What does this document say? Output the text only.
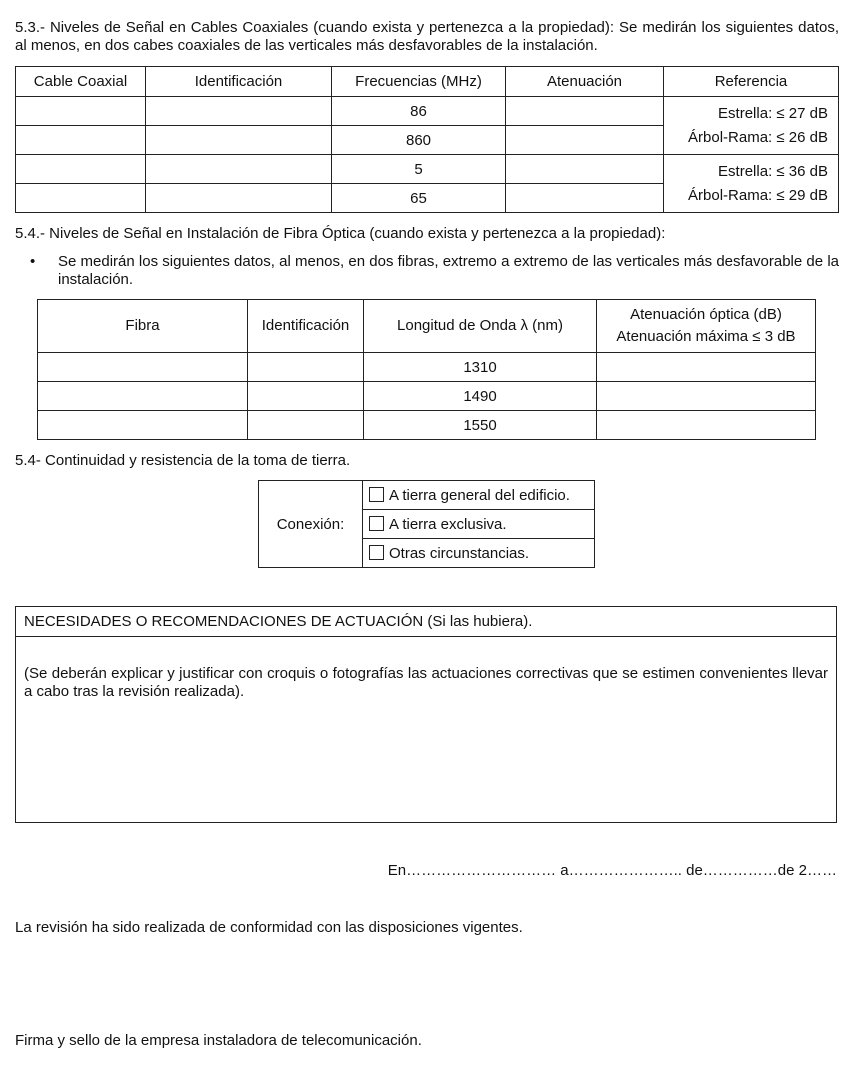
5.3.- Niveles de Señal en Cables Coaxiales (cuando exista y pertenezca a la propiedad): Se medirán los siguientes datos, al menos, en dos cabes coaxiales de las verticales más desfavorables de la instalación.
Cable Coaxial	Identificación	Frecuencias (MHz)	Atenuación	Referencia
		86		Estrella: ≤ 27 dB
Árbol-Rama: ≤ 26 dB

		860		
		5		Estrella: ≤ 36 dB
Árbol-Rama: ≤ 29 dB

		65		
5.4.- Niveles de Señal en Instalación de Fibra Óptica (cuando exista y pertenezca a la propiedad):
• Se medirán los siguientes datos, al menos, en dos fibras, extremo a extremo de las verticales más desfavorable de la instalación.
Fibra	Identificación	Longitud de Onda λ (nm)	Atenuación óptica (dB)
Atenuación máxima ≤ 3 dB

		1310	
		1490	
		1550	
5.4- Continuidad y resistencia de la toma de tierra.
Conexión:	A tierra general del edificio.
A tierra exclusiva.
Otras circunstancias.
NECESIDADES O RECOMENDACIONES DE ACTUACIÓN (Si las hubiera).
(Se deberán explicar y justificar con croquis o fotografías las actuaciones correctivas que se estimen convenientes llevar a cabo tras la revisión realizada).
En………………………… a………………….. de……………de 2……
La revisión ha sido realizada de conformidad con las disposiciones vigentes.
Firma y sello de la empresa instaladora de telecomunicación.
